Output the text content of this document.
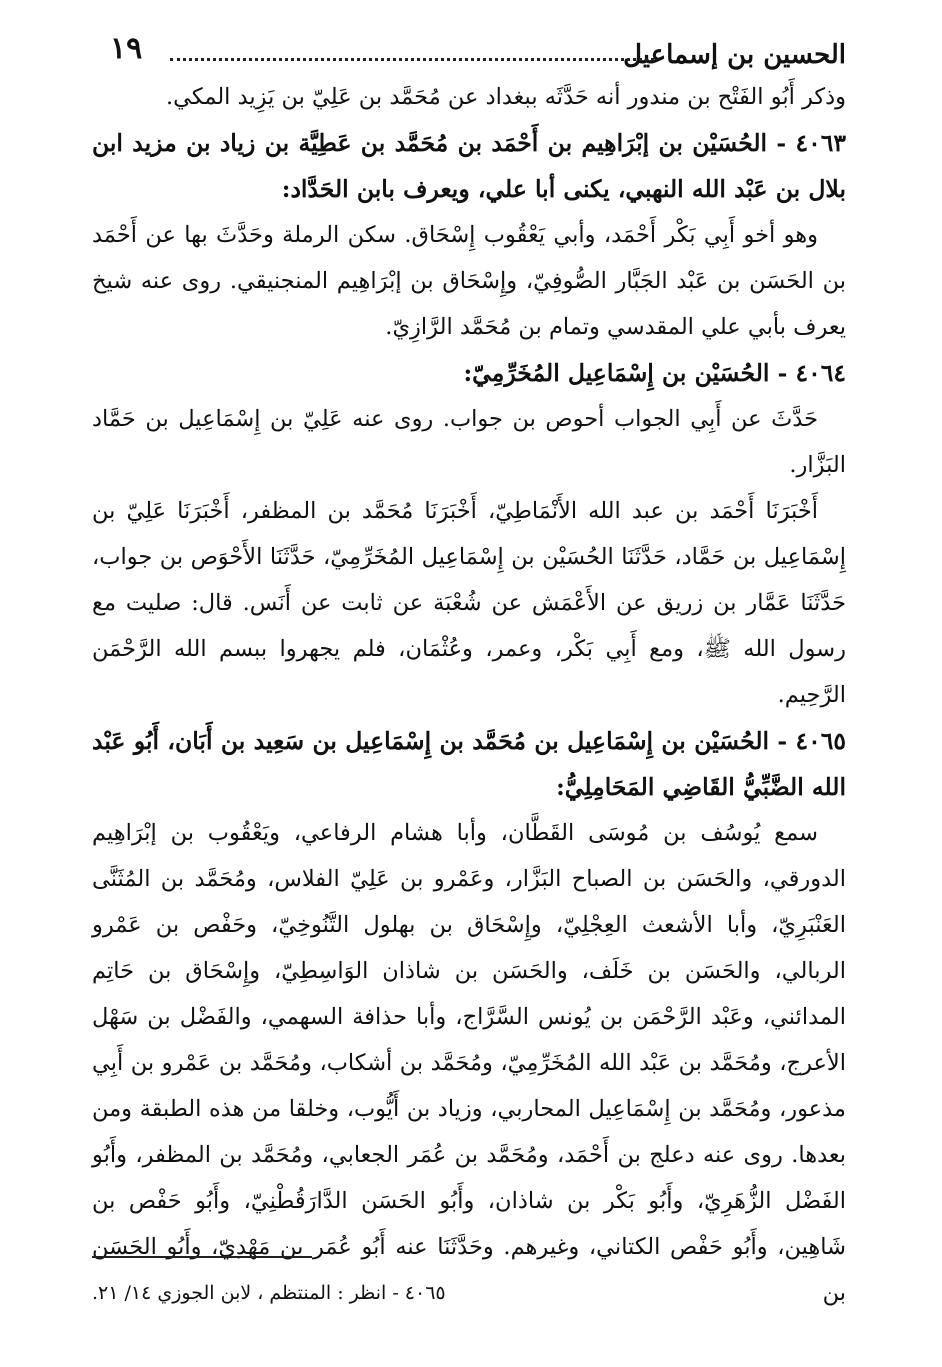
الحسين بن إسماعيل
١٩

وذكر أَبُو الفَتْح بن مندور أنه حَدَّثَه ببغداد عن مُحَمَّد بن عَلِيّ بن يَزِيد المكي.

٤٠٦٣ - الحُسَيْن بن إبْرَاهِيم بن أَحْمَد بن مُحَمَّد بن عَطِيَّة بن زياد بن مزيد ابن بلال بن عَبْد الله النهبي، يكنى أبا علي، ويعرف بابن الحَدَّاد:

وهو أخو أَبِي بَكْر أَحْمَد، وأبي يَعْقُوب إِسْحَاق. سكن الرملة وحَدَّثَ بها عن أَحْمَد بن الحَسَن بن عَبْد الجَبَّار الصُّوفِيّ، وإِسْحَاق بن إبْرَاهِيم المنجنيقي. روى عنه شيخ يعرف بأبي علي المقدسي وتمام بن مُحَمَّد الرَّازِيّ.

٤٠٦٤ - الحُسَيْن بن إِسْمَاعِيل المُخَرِّمِيّ:

حَدَّثَ عن أَبِي الجواب أحوص بن جواب. روى عنه عَلِيّ بن إِسْمَاعِيل بن حَمَّاد البَزَّار.

أَخْبَرَنَا أَحْمَد بن عبد الله الأَنْمَاطِيّ، أَخْبَرَنَا مُحَمَّد بن المظفر، أَخْبَرَنَا عَلِيّ بن إِسْمَاعِيل بن حَمَّاد، حَدَّثَنَا الحُسَيْن بن إِسْمَاعِيل المُخَرِّمِيّ، حَدَّثَنَا الأَحْوَص بن جواب، حَدَّثَنَا عَمَّار بن زريق عن الأَعْمَش عن شُعْبَة عن ثابت عن أَنَس. قال: صليت مع رسول الله ﷺ، ومع أَبِي بَكْر، وعمر، وعُثْمَان، فلم يجهروا ببسم الله الرَّحْمَن الرَّحِيم.

٤٠٦٥ - الحُسَيْن بن إِسْمَاعِيل بن مُحَمَّد بن إِسْمَاعِيل بن سَعِيد بن أَبَان، أَبُو عَبْد الله الضَّبِّيُّ القَاضِي المَحَامِلِيُّ:

سمع يُوسُف بن مُوسَى القَطَّان، وأبا هشام الرفاعي، ويَعْقُوب بن إبْرَاهِيم الدورقي، والحَسَن بن الصباح البَزَّار، وعَمْرو بن عَلِيّ الفلاس، ومُحَمَّد بن المُثَنَّى العَنْبَرِيّ، وأبا الأشعث العِجْلِيّ، وإِسْحَاق بن بهلول التَّنُوخِيّ، وحَفْص بن عَمْرو الربالي، والحَسَن بن خَلَف، والحَسَن بن شاذان الوَاسِطِيّ، وإِسْحَاق بن حَاتِم المدائني، وعَبْد الرَّحْمَن بن يُونس السَّرَّاج، وأبا حذافة السهمي، والفَضْل بن سَهْل الأعرج، ومُحَمَّد بن عَبْد الله المُخَرِّمِيّ، ومُحَمَّد بن أشكاب، ومُحَمَّد بن عَمْرو بن أَبِي مذعور، ومُحَمَّد بن إِسْمَاعِيل المحاربي، وزياد بن أَيُّوب، وخلقا من هذه الطبقة ومن بعدها. روى عنه دعلج بن أَحْمَد، ومُحَمَّد بن عُمَر الجعابي، ومُحَمَّد بن المظفر، وأَبُو الفَضْل الزُّهَرِيّ، وأَبُو بَكْر بن شاذان، وأَبُو الحَسَن الدَّارَقُطْنِيّ، وأَبُو حَفْص بن شَاهِين، وأَبُو حَفْص الكتاني، وغيرهم. وحَدَّثَنَا عنه أَبُو عُمَر بن مَهْدِيّ، وأَبُو الحَسَن بن

٤٠٦٥ - انظر : المنتظم ، لابن الجوزي ١٤/ ٢١.
